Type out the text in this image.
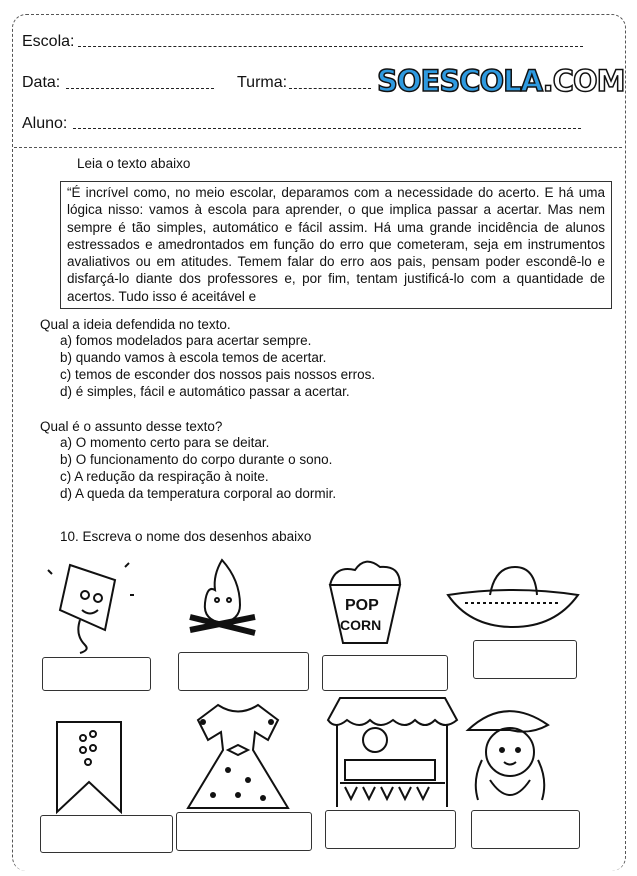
Escola:
Data:	Turma:	SOESCOLA.COM
Aluno:
Leia o texto abaixo
“É incrível como, no meio escolar, deparamos com a necessidade do acerto. E há uma lógica nisso: vamos à escola para aprender, o que implica passar a acertar. Mas nem sempre é tão simples, automático e fácil assim. Há uma grande incidência de alunos estressados e amedrontados em função do erro que cometeram, seja em instrumentos avaliativos ou em atitudes. Temem falar do erro aos pais, pensam poder escondê-lo e disfarçá-lo diante dos professores e, por fim, tentam justificá-lo com a quantidade de acertos. Tudo isso é aceitável e
Qual a ideia defendida no texto.
a) fomos modelados para acertar sempre.
b) quando vamos à escola temos de acertar.
c) temos de esconder dos nossos pais nossos erros.
d) é simples, fácil e automático passar a acertar.
Qual é o assunto desse texto?
a) O momento certo para se deitar.
b) O funcionamento do corpo durante o sono.
c) A redução da respiração à noite.
d) A queda da temperatura corporal ao dormir.
10. Escreva o nome dos desenhos abaixo
POP
CORN
